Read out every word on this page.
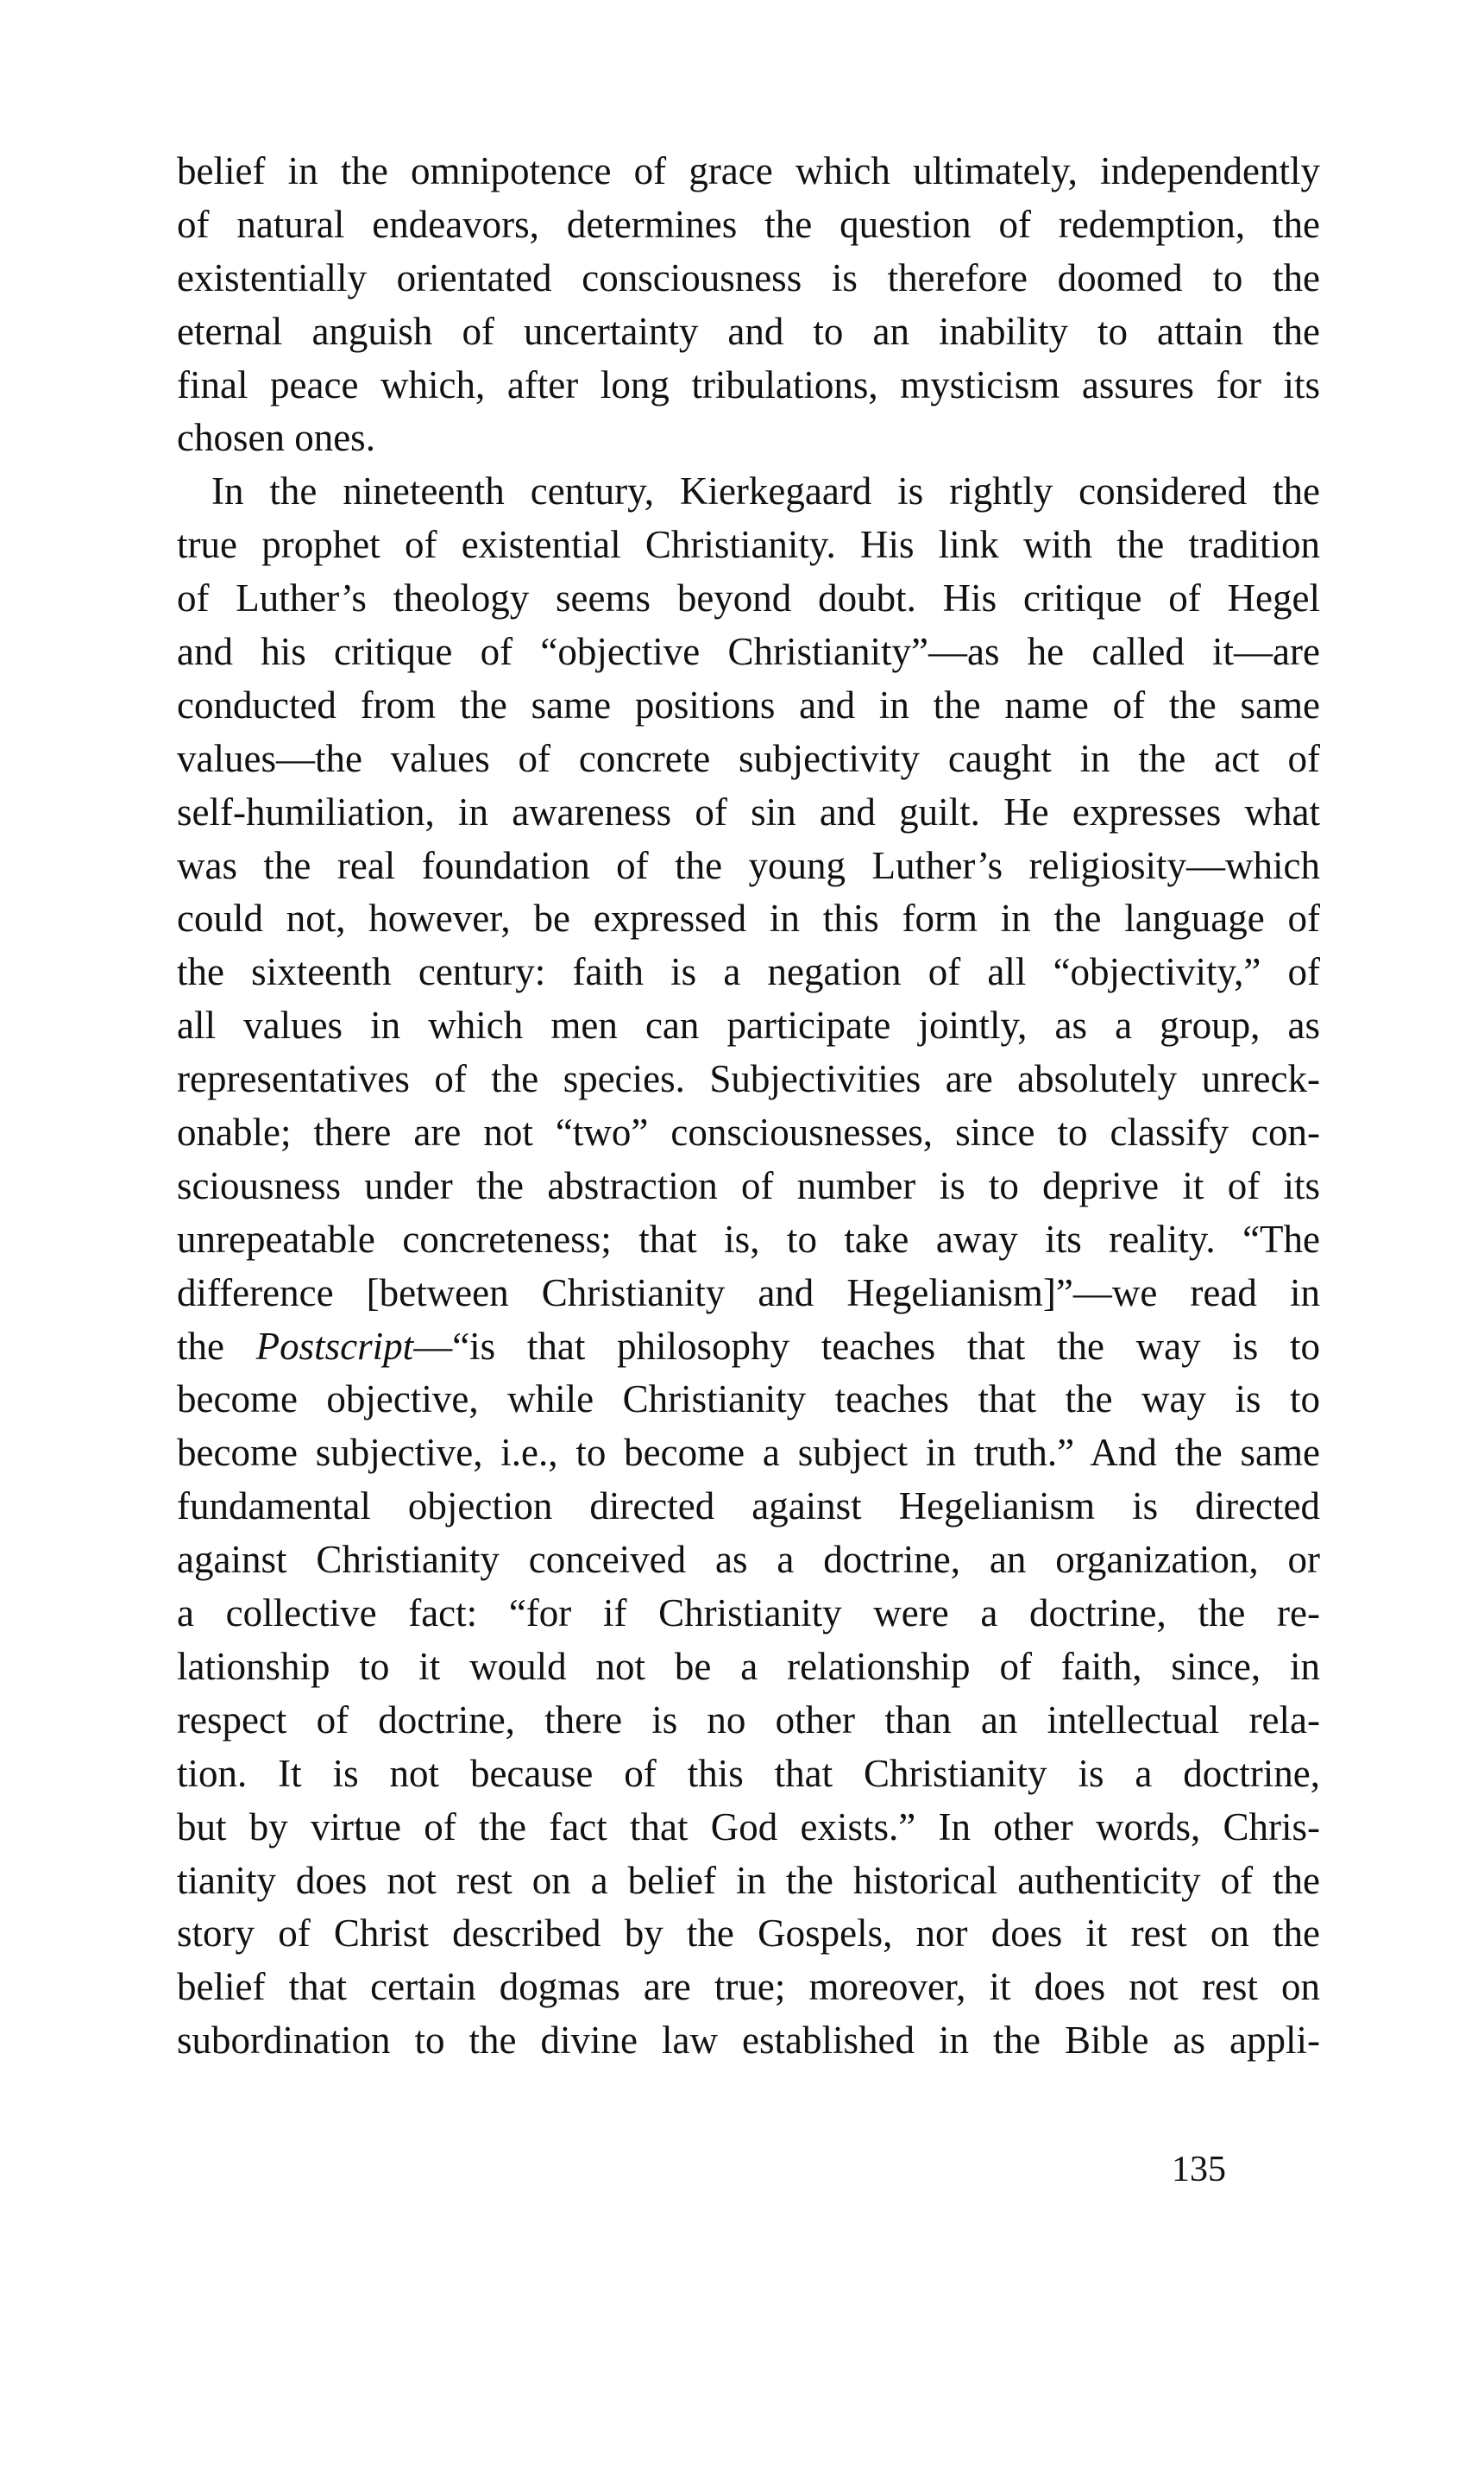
belief in the omnipotence of grace which ultimately, independently
of natural endeavors, determines the question of redemption, the
existentially orientated consciousness is therefore doomed to the
eternal anguish of uncertainty and to an inability to attain the
final peace which, after long tribulations, mysticism assures for its
chosen ones.
In the nineteenth century, Kierkegaard is rightly considered the
true prophet of existential Christianity. His link with the tradition
of Luther’s theology seems beyond doubt. His critique of Hegel
and his critique of “objective Christianity”—as he called it—are
conducted from the same positions and in the name of the same
values—the values of concrete subjectivity caught in the act of
self-humiliation, in awareness of sin and guilt. He expresses what
was the real foundation of the young Luther’s religiosity—which
could not, however, be expressed in this form in the language of
the sixteenth century: faith is a negation of all “objectivity,” of
all values in which men can participate jointly, as a group, as
representatives of the species. Subjectivities are absolutely unreck-
onable; there are not “two” consciousnesses, since to classify con-
sciousness under the abstraction of number is to deprive it of its
unrepeatable concreteness; that is, to take away its reality. “The
difference [between Christianity and Hegelianism]”—we read in
the Postscript—“is that philosophy teaches that the way is to
become objective, while Christianity teaches that the way is to
become subjective, i.e., to become a subject in truth.” And the same
fundamental objection directed against Hegelianism is directed
against Christianity conceived as a doctrine, an organization, or
a collective fact: “for if Christianity were a doctrine, the re-
lationship to it would not be a relationship of faith, since, in
respect of doctrine, there is no other than an intellectual rela-
tion. It is not because of this that Christianity is a doctrine,
but by virtue of the fact that God exists.” In other words, Chris-
tianity does not rest on a belief in the historical authenticity of the
story of Christ described by the Gospels, nor does it rest on the
belief that certain dogmas are true; moreover, it does not rest on
subordination to the divine law established in the Bible as appli-
135
